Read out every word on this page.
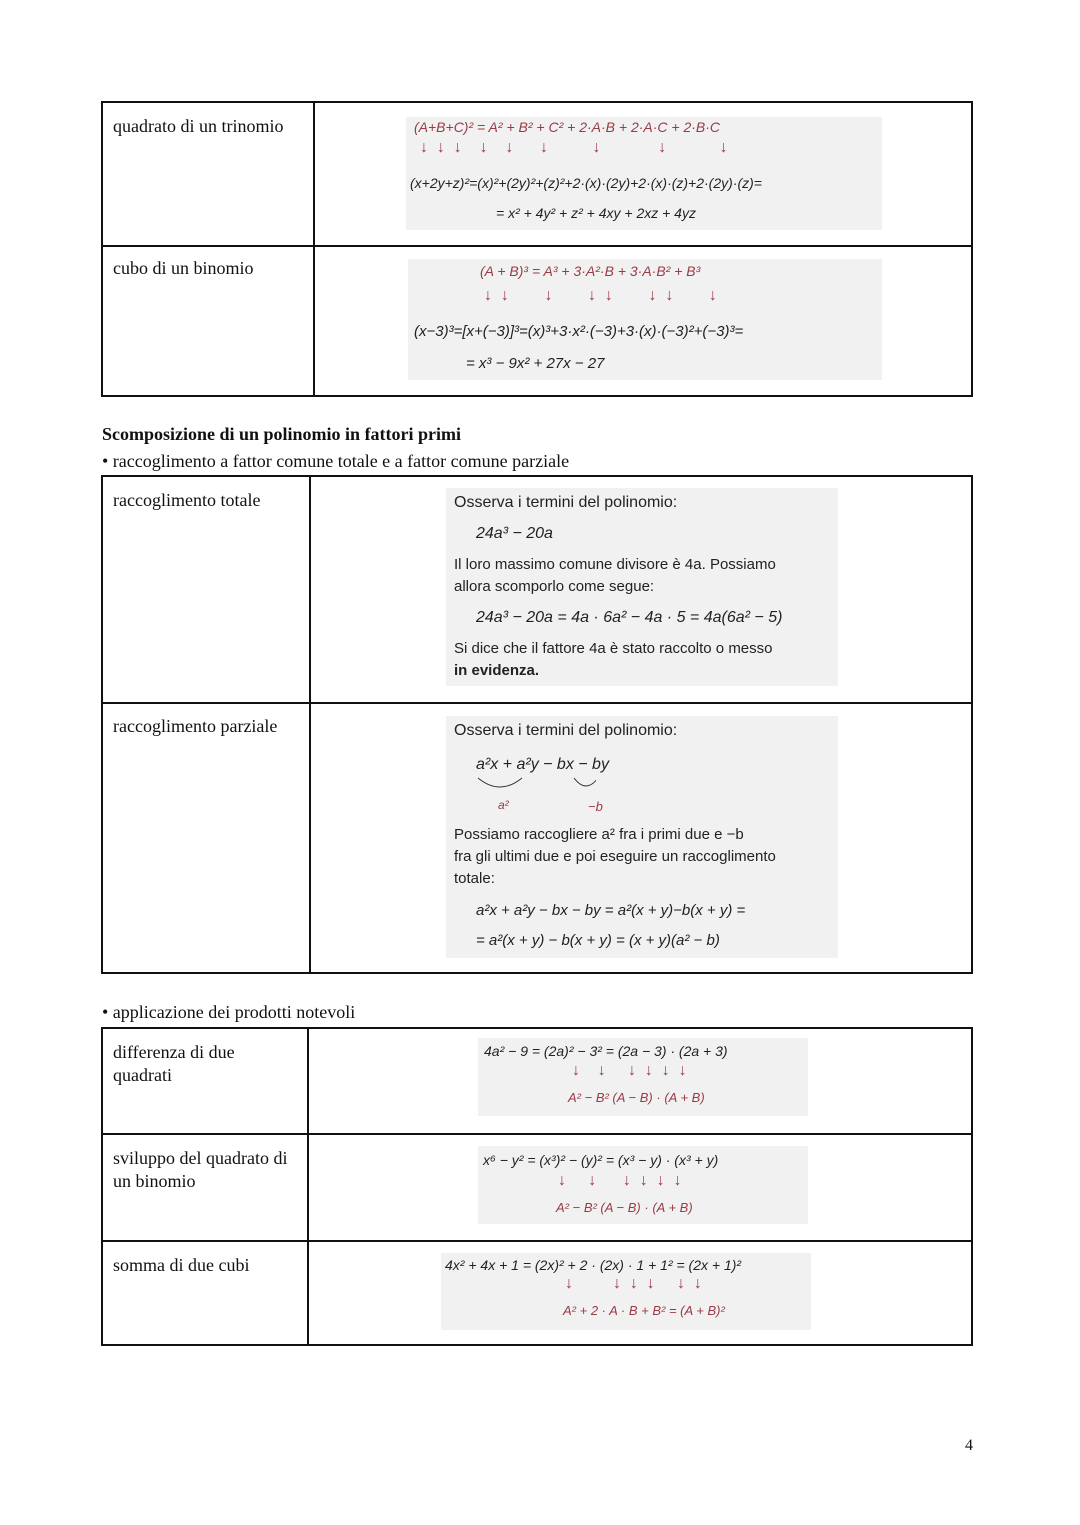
quadrato di un trinomio
cubo di un binomio
(A+B+C)² = A² + B² + C² + 2·A·B + 2·A·C + 2·B·C
↓  ↓  ↓    ↓    ↓      ↓          ↓             ↓            ↓
(x+2y+z)²=(x)²+(2y)²+(z)²+2·(x)·(2y)+2·(x)·(z)+2·(2y)·(z)=
= x² + 4y² + z² + 4xy + 2xz + 4yz
(A + B)³ = A³ + 3·A²·B + 3·A·B² + B³
↓  ↓        ↓        ↓  ↓        ↓  ↓        ↓
(x−3)³=[x+(−3)]³=(x)³+3·x²·(−3)+3·(x)·(−3)²+(−3)³=
= x³ − 9x² + 27x − 27
Scomposizione di un polinomio in fattori primi
• raccoglimento a fattor comune totale e a fattor comune parziale
raccoglimento totale
raccoglimento parziale
Osserva i termini del polinomio:
24a³ − 20a
Il loro massimo comune divisore è 4a. Possiamo
allora scomporlo come segue:
24a³ − 20a = 4a · 6a² − 4a · 5 = 4a(6a² − 5)
Si dice che il fattore 4a è stato raccolto o messo
in evidenza.
Osserva i termini del polinomio:
a²x + a²y − bx − by
a²	−b
Possiamo raccogliere a² fra i primi due e −b
fra gli ultimi due e poi eseguire un raccoglimento
totale:
a²x + a²y − bx − by = a²(x + y)−b(x + y) =
= a²(x + y) − b(x + y) = (x + y)(a² − b)
• applicazione dei prodotti notevoli
differenza di due quadrati
sviluppo del quadrato di un binomio
somma di due cubi
4a² − 9 = (2a)² − 3² = (2a − 3) · (2a + 3)
↓    ↓     ↓  ↓  ↓  ↓
A² − B² (A − B) · (A + B)
x⁶ − y² = (x³)² − (y)² = (x³ − y) · (x³ + y)
↓     ↓      ↓  ↓  ↓  ↓
A² − B² (A − B) · (A + B)
4x² + 4x + 1 = (2x)² + 2 · (2x) · 1 + 1² = (2x + 1)²
↓         ↓  ↓  ↓     ↓  ↓
A² + 2 · A · B + B² = (A + B)²
4
